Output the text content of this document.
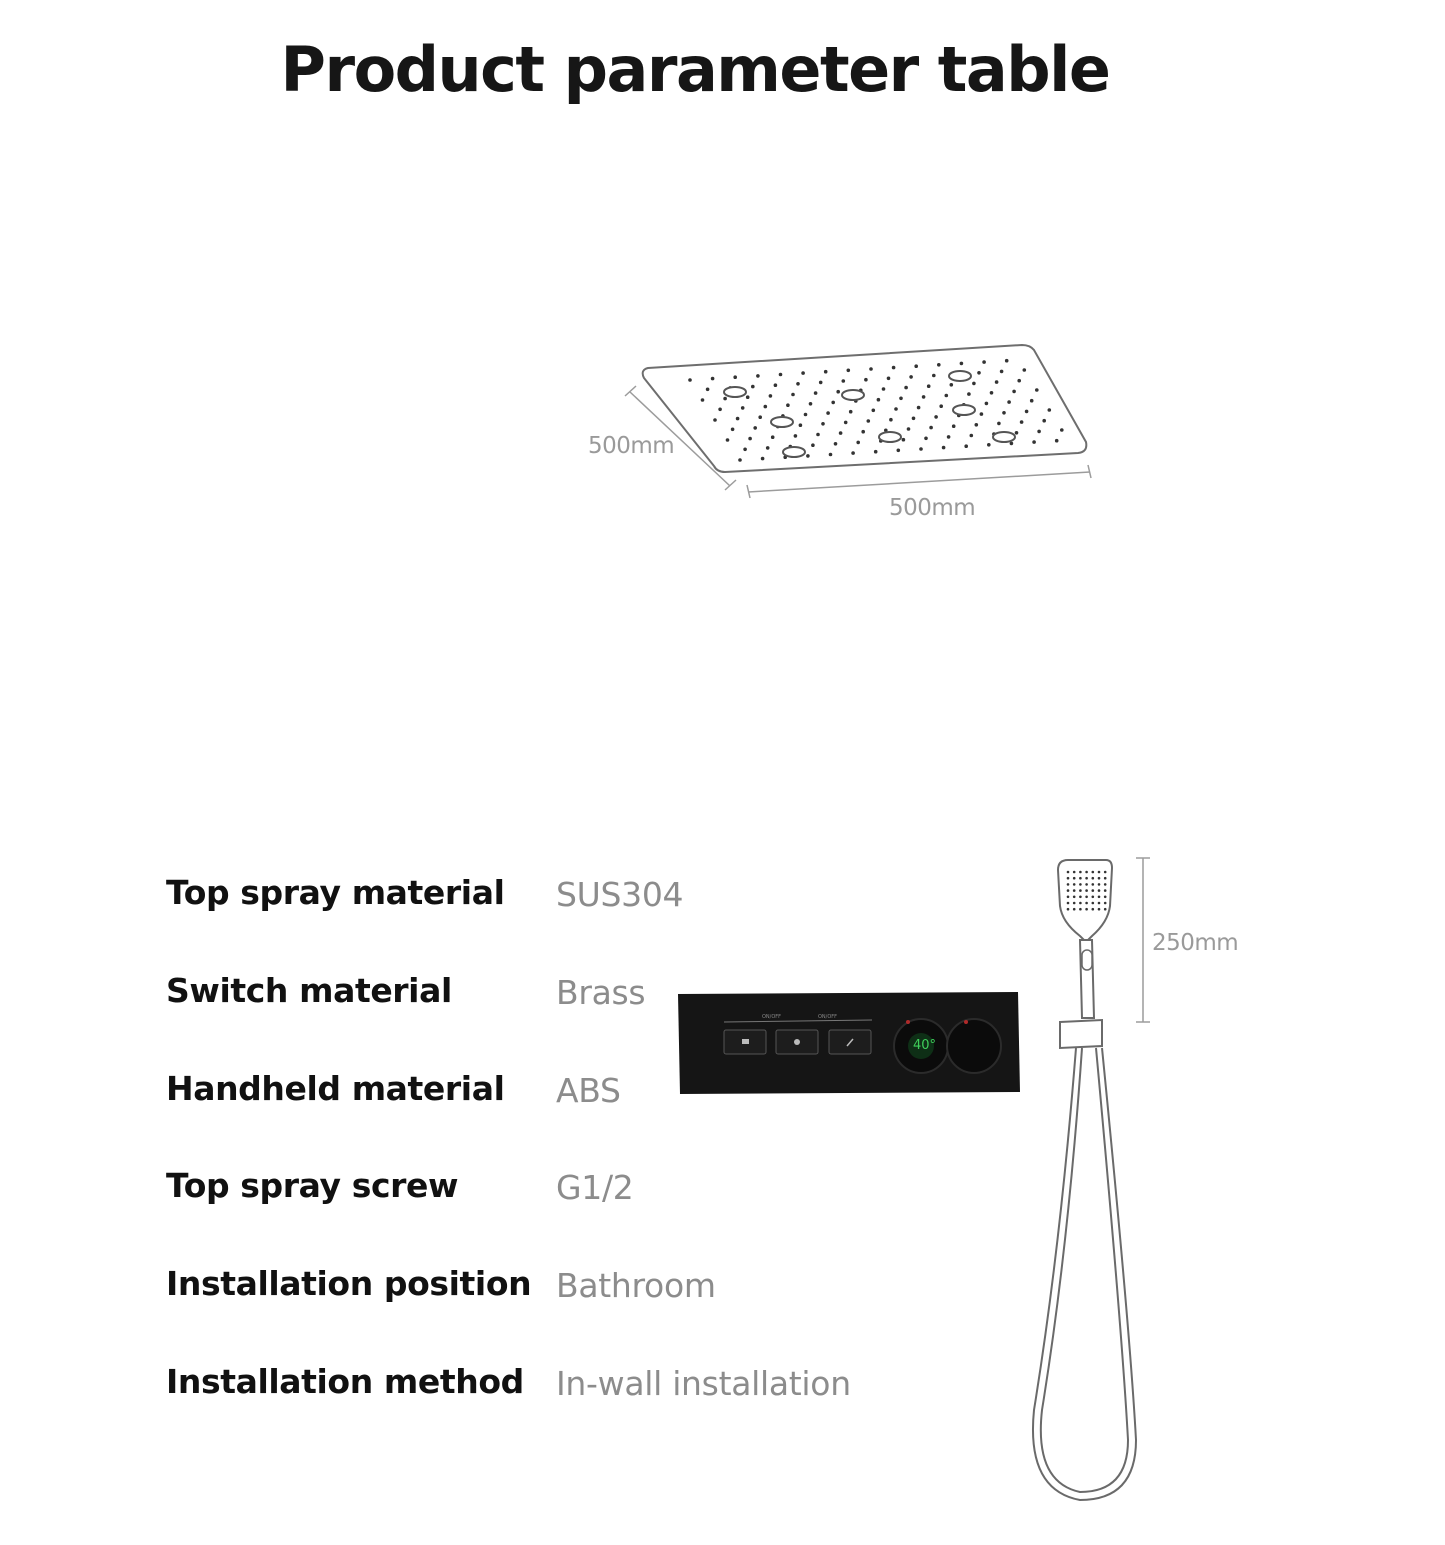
Product parameter table
500mm
500mm
Top spray material SUS304
Switch material	Brass
Handheld material ABS
Top spray screw	G1/2
Installation position Bathroom
Installation method In-wall installation
ON/OFF	ON/OFF
40°
250mm
